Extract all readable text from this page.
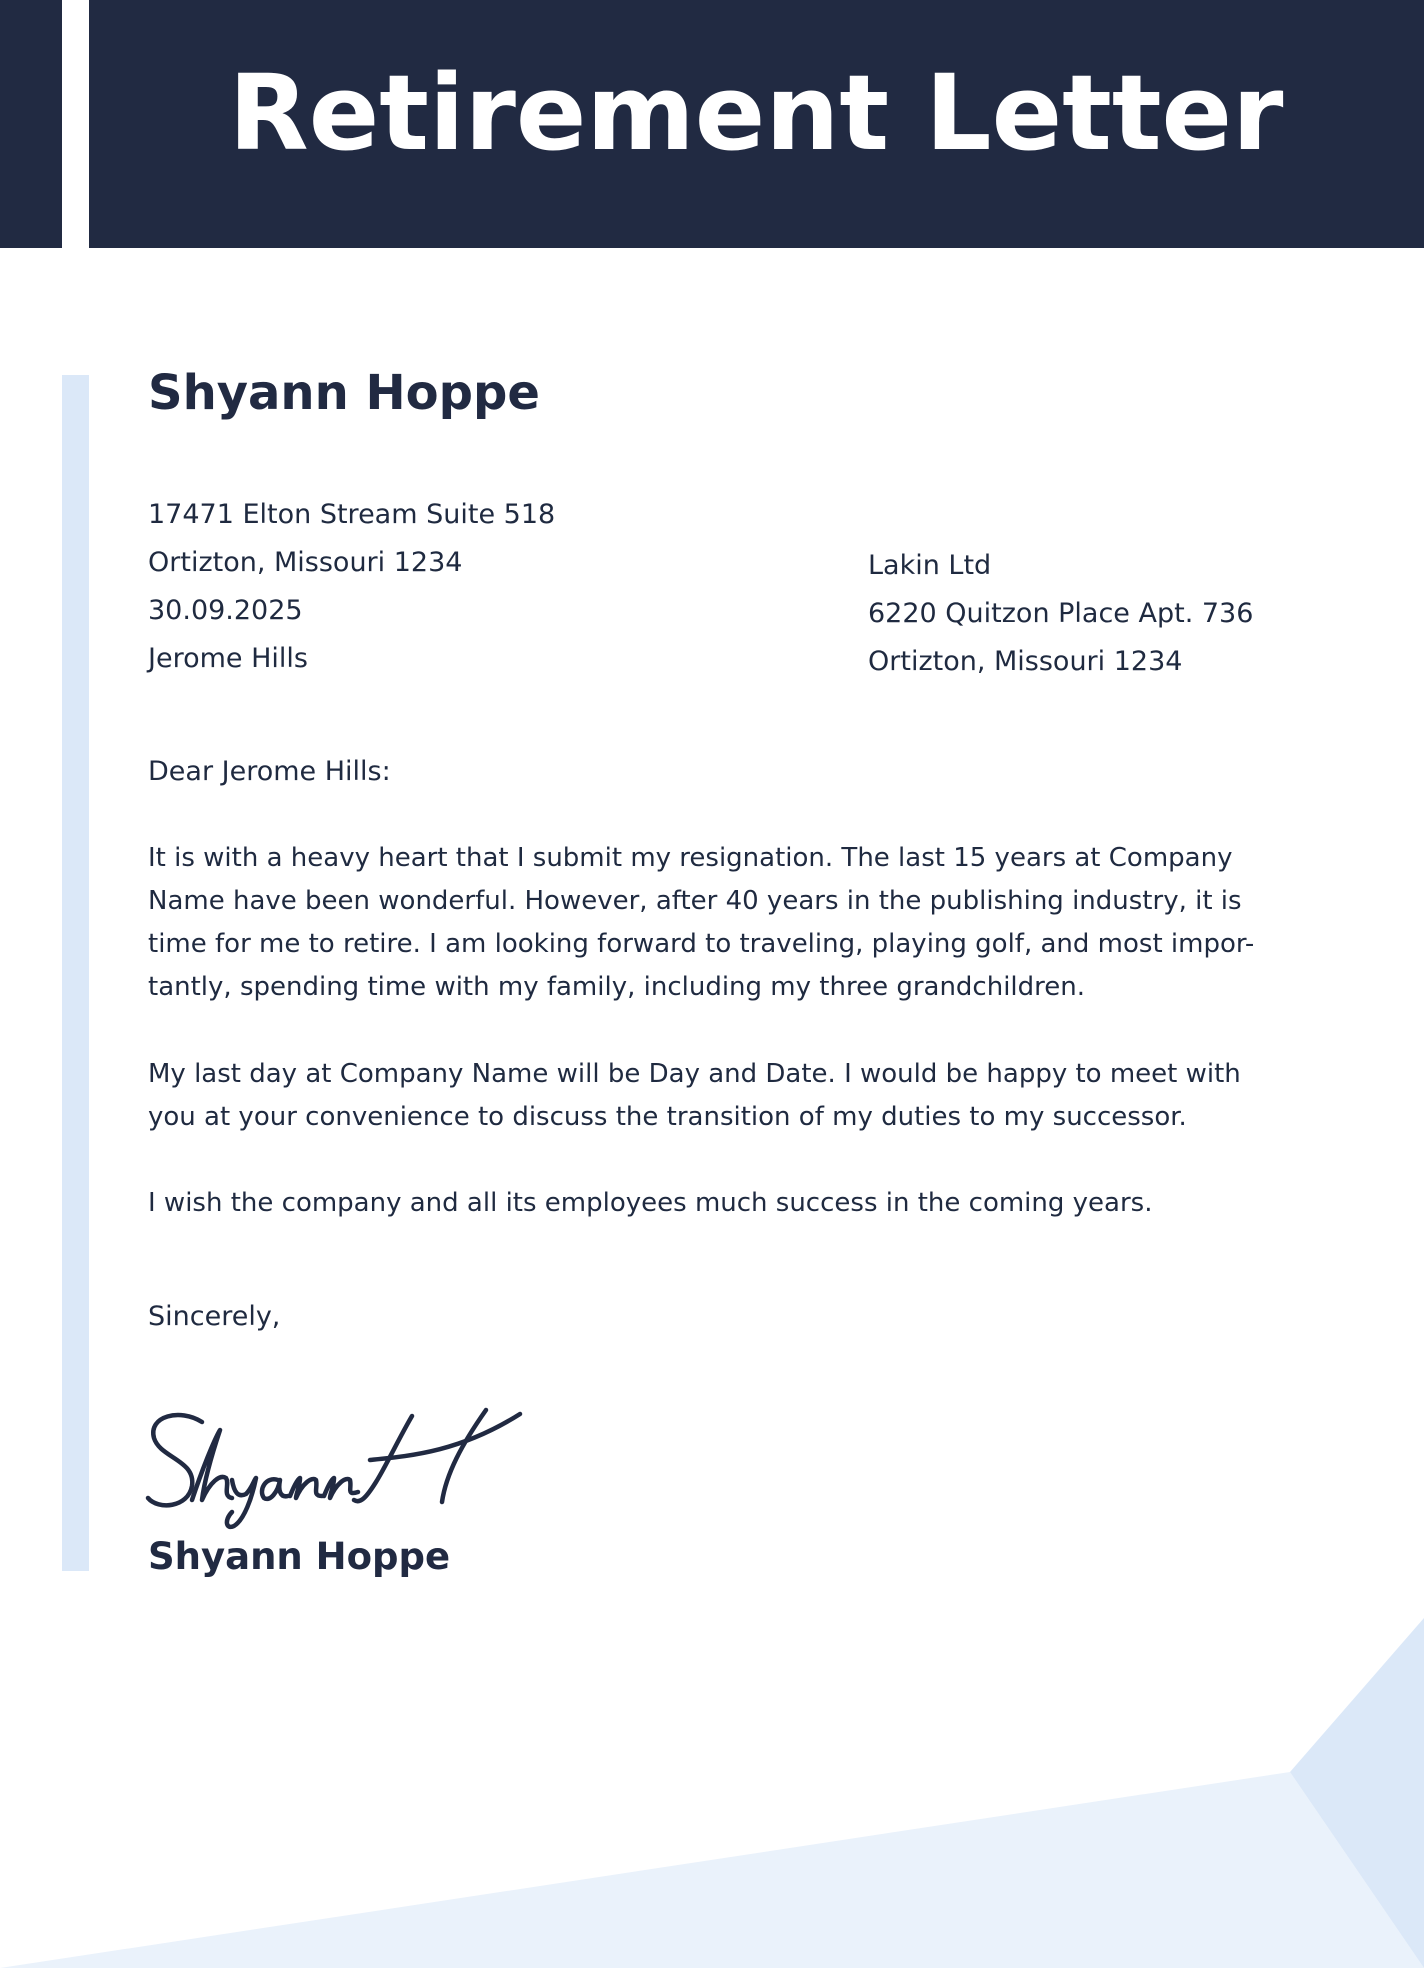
Retirement Letter
Shyann Hoppe
17471 Elton Stream Suite 518
Ortizton, Missouri 1234
30.09.2025
Jerome Hills
Lakin Ltd
6220 Quitzon Place Apt. 736
Ortizton, Missouri 1234
Dear Jerome Hills:

It is with a heavy heart that I submit my resignation. The last 15 years at Company Name have been wonderful. However, after 40 years in the publishing industry, it is time for me to retire. I am looking forward to traveling, playing golf, and most impor-tantly, spending time with my family, including my three grandchildren.

My last day at Company Name will be Day and Date. I would be happy to meet with you at your convenience to discuss the transition of my duties to my successor.

I wish the company and all its employees much success in the coming years.

Sincerely,
Shyann Hoppe
